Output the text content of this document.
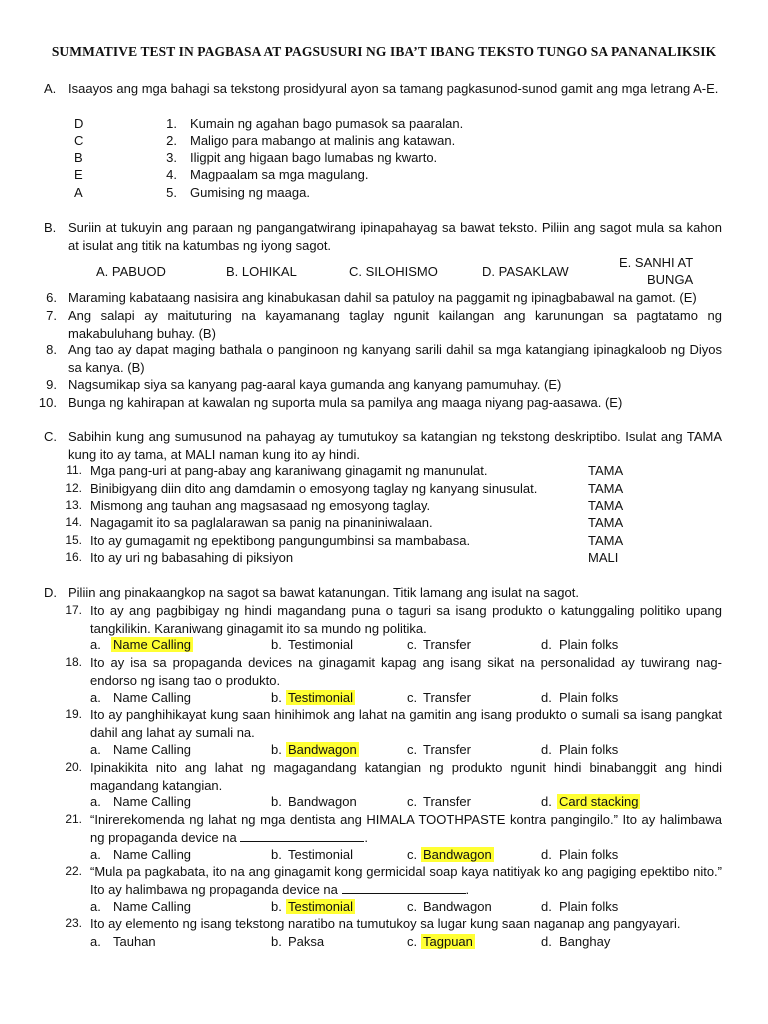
SUMMATIVE TEST IN PAGBASA AT PAGSUSURI NG IBA’T IBANG TEKSTO TUNGO SA PANANALIKSIK
A. Isaayos ang mga bahagi sa tekstong prosidyural ayon sa tamang pagkasunod-sunod gamit ang mga letrang A-E.
D	1. Kumain ng agahan bago pumasok sa paaralan.
C	2. Maligo para mabango at malinis ang katawan.
B	3. Iligpit ang higaan bago lumabas ng kwarto.
E	4. Magpaalam sa mga magulang.
A	5. Gumising ng maaga.
B. Suriin at tukuyin ang paraan ng pangangatwirang ipinapahayag sa bawat teksto. Piliin ang sagot mula sa kahon at isulat ang titik na katumbas ng iyong sagot.
A. PABUOD	B. LOHIKAL	C. SILOHISMO	D. PASAKLAW
E. SANHI AT
BUNGA
6. Maraming kabataang nasisira ang kinabukasan dahil sa patuloy na paggamit ng ipinagbabawal na gamot. (E)
7. Ang salapi ay maituturing na kayamanang taglay ngunit kailangan ang karunungan sa pagtatamo ng makabuluhang buhay. (B)
8. Ang tao ay dapat maging bathala o panginoon ng kanyang sarili dahil sa mga katangiang ipinagkaloob ng Diyos sa kanya. (B)
9. Nagsumikap siya sa kanyang pag-aaral kaya gumanda ang kanyang pamumuhay. (E)
10. Bunga ng kahirapan at kawalan ng suporta mula sa pamilya ang maaga niyang pag-aasawa. (E)
C. Sabihin kung ang sumusunod na pahayag ay tumutukoy sa katangian ng tekstong deskriptibo. Isulat ang TAMA kung ito ay tama, at MALI naman kung ito ay hindi.
11. Mga pang-uri at pang-abay ang karaniwang ginagamit ng manunulat.	TAMA
12. Binibigyang diin dito ang damdamin o emosyong taglay ng kanyang sinusulat.	TAMA
13. Mismong ang tauhan ang magsasaad ng emosyong taglay.	TAMA
14. Nagagamit ito sa paglalarawan sa panig na pinaniniwalaan.	TAMA
15. Ito ay gumagamit ng epektibong pangungumbinsi sa mambabasa.	TAMA
16. Ito ay uri ng babasahing di piksiyon	MALI
D. Piliin ang pinakaangkop na sagot sa bawat katanungan. Titik lamang ang isulat na sagot.
17. Ito ay ang pagbibigay ng hindi magandang puna o taguri sa isang produkto o katunggaling politiko upang tangkilikin. Karaniwang ginagamit ito sa mundo ng politika.
a. Name Calling	b. Testimonial	c. Transfer	d. Plain folks
18. Ito ay isa sa propaganda devices na ginagamit kapag ang isang sikat na personalidad ay tuwirang nag-endorso ng isang tao o produkto.
a. Name Calling	b. Testimonial	c. Transfer	d. Plain folks
19. Ito ay panghihikayat kung saan hinihimok ang lahat na gamitin ang isang produkto o sumali sa isang pangkat dahil ang lahat ay sumali na.
a. Name Calling	b. Bandwagon	c. Transfer	d. Plain folks
20. Ipinakikita nito ang lahat ng magagandang katangian ng produkto ngunit hindi binabanggit ang hindi magandang katangian.
a. Name Calling	b. Bandwagon	c. Transfer	d. Card stacking
21. “Inirerekomenda ng lahat ng mga dentista ang HIMALA TOOTHPASTE kontra pangingilo.” Ito ay halimbawa ng propaganda device na	.
a. Name Calling	b. Testimonial	c. Bandwagon	d. Plain folks
22. “Mula pa pagkabata, ito na ang ginagamit kong germicidal soap kaya natitiyak ko ang pagiging epektibo nito.” Ito ay halimbawa ng propaganda device na	.
a. Name Calling	b. Testimonial	c. Bandwagon	d. Plain folks
23. Ito ay elemento ng isang tekstong naratibo na tumutukoy sa lugar kung saan naganap ang pangyayari.
a. Tauhan	b. Paksa	c. Tagpuan	d. Banghay
